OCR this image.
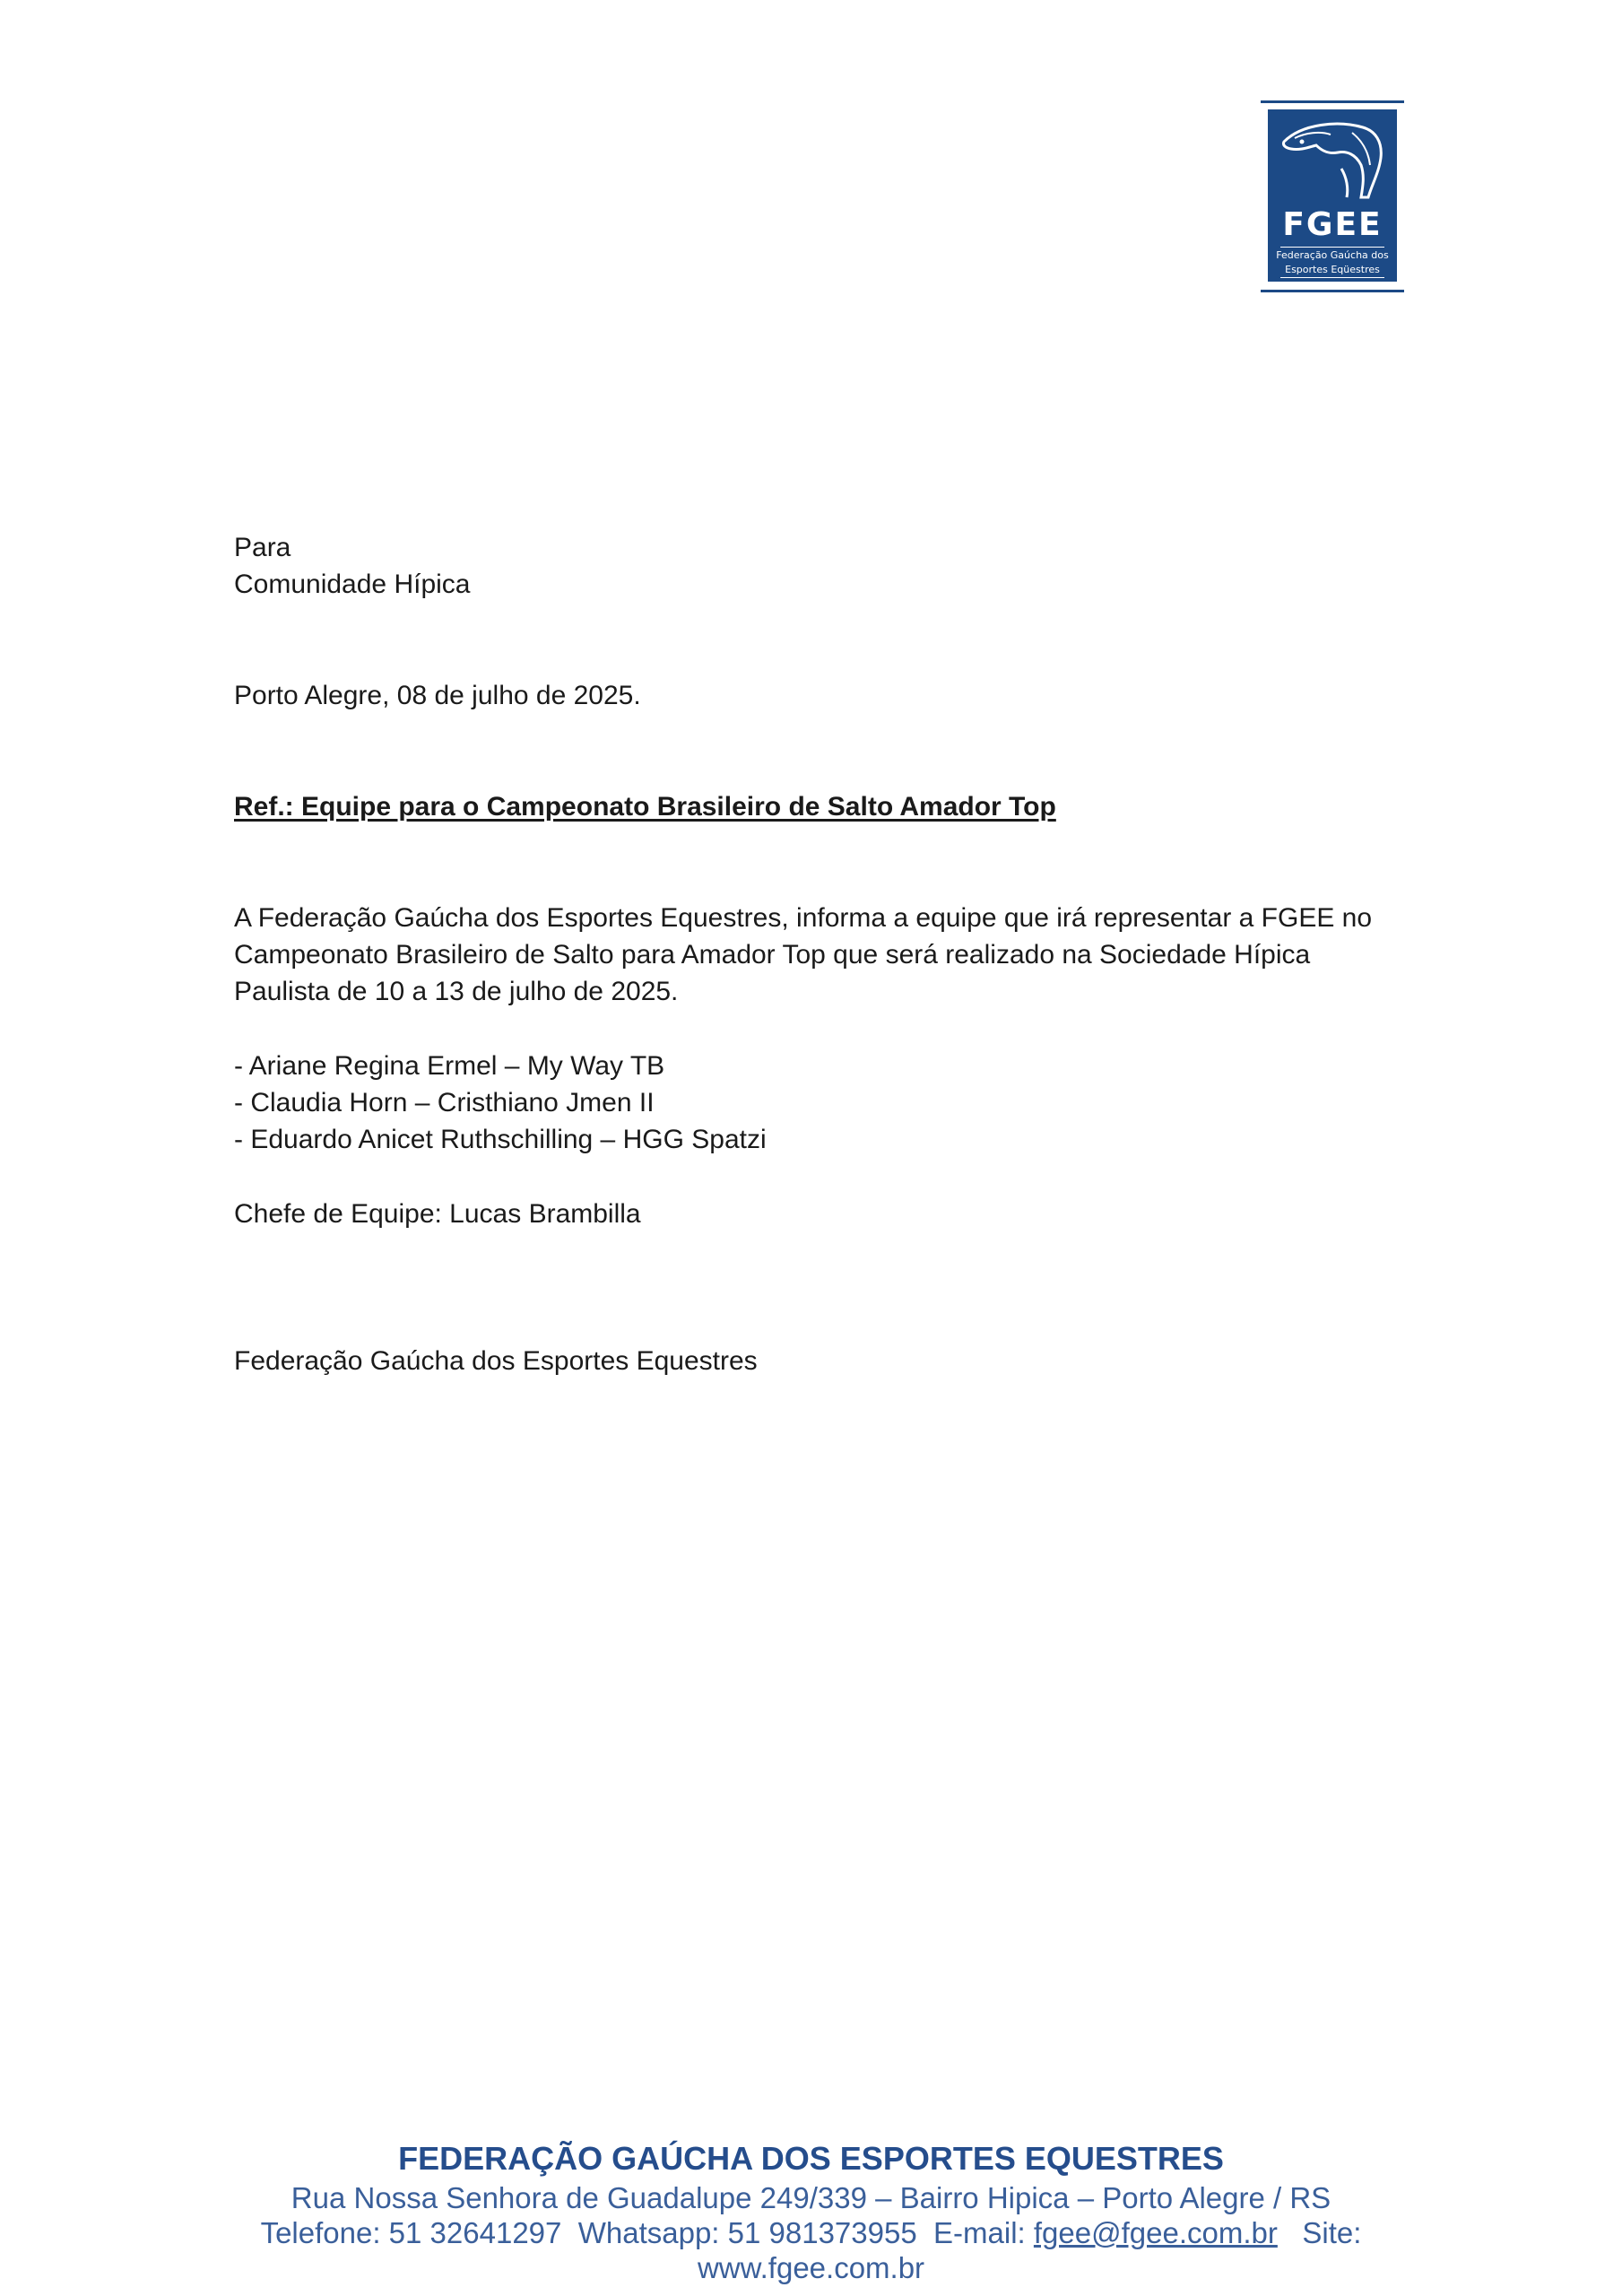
FGEE
Federação Gaúcha dos
Esportes Eqüestres
Para
Comunidade Hípica
Porto Alegre, 08 de julho de 2025.
Ref.: Equipe para o Campeonato Brasileiro de Salto Amador Top
A Federação Gaúcha dos Esportes Equestres, informa a equipe que irá representar a FGEE no
Campeonato Brasileiro de Salto para Amador Top que será realizado na Sociedade Hípica
Paulista de 10 a 13 de julho de 2025.
- Ariane Regina Ermel – My Way TB
- Claudia Horn – Cristhiano Jmen II
- Eduardo Anicet Ruthschilling – HGG Spatzi
Chefe de Equipe: Lucas Brambilla
Federação Gaúcha dos Esportes Equestres
FEDERAÇÃO GAÚCHA DOS ESPORTES EQUESTRES
Rua Nossa Senhora de Guadalupe 249/339 – Bairro Hipica – Porto Alegre / RS
Telefone: 51 32641297  Whatsapp: 51 981373955  E-mail: fgee@fgee.com.br   Site:
www.fgee.com.br
